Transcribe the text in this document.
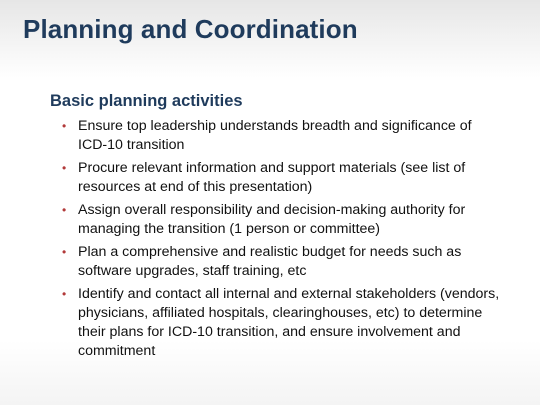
Planning and Coordination
Basic planning activities
• Ensure top leadership understands breadth and significance of ICD-10 transition
• Procure relevant information and support materials (see list of resources at end of this presentation)
• Assign overall responsibility and decision-making authority for managing the transition (1 person or committee)
• Plan a comprehensive and realistic budget for needs such as software upgrades, staff training, etc
• Identify and contact all internal and external stakeholders (vendors, physicians, affiliated hospitals, clearinghouses, etc) to determine their plans for ICD-10 transition, and ensure involvement and commitment
